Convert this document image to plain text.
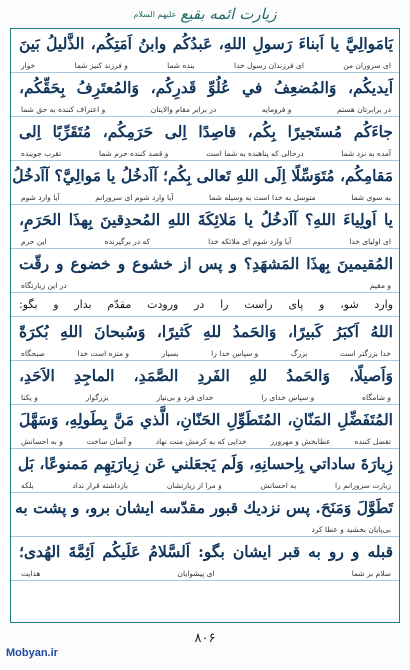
علیهم السلام زیارت ائمه بقیع
يَامَوالِيَّ يا اَبناءَ رَسولِ اللهِ، عَبدُكُم وابنُ اَمَتِكُم، الذَّليلُ بَينَ
ای سروران من
ای فرزندان رسول خدا
بنده شما
و فرزند کنیز شما
خوار
اَيديكُم، وَالمُضعِفُ في عُلُوِّ قَدرِكُم، وَالمُعتَرِفُ بِحَقِّكُم،
در برابرتان هستم
و فرومایه
در برابر مقام والایتان
و اعتراف کننده به حق شما
جاءَكُم مُستَجيرًا بِكُم، قاصِدًا اِلى حَرَمِكُم، مُتَقَرِّبًا اِلى
آمده به نزد شما
درحالی که پناهنده به شما است
و قصد کننده حرم شما
تقرب جوینده
مَقامِكُم، مُتَوَسِّلًا اِلَى اللهِ تَعالى بِكُم؛ آاَدخُلُ يا مَوالِيَّ؟ آاَدخُلُ
به سوی شما
متوسل به خدا است به وسیله شما
آیا وارد شوم ای سرورانم
آیا وارد شوم
يا اَولِياءَ اللهِ؟ آاَدخُلُ يا مَلائِكَةَ اللهِ المُحدِقينَ بِهذَا الحَرَمِ،
ای اولیای خدا
آیا وارد شوم ای ملائکه خدا
که در برگیرنده
این حرم
المُقيمينَ بِهذَا المَشهَدِ؟ و پس از خشوع و خضوع و رقّت
و مقیم
در این زیارتگاه
وارد شو، و پای راست را در ورودت مقدّم بدار و بگو:
اللهُ اَكبَرُ كَبيرًا، وَالحَمدُ للهِ كَثيرًا، وَسُبحانَ اللهِ بُكرَةً
خدا بزرگتر است
بزرگ
و سپاس خدا را
بسیار
و منزه است خدا
صبحگاه
وَاَصيلًا، وَالحَمدُ للهِ الفَردِ الصَّمَدِ، الماجِدِ الاَحَدِ،
و شامگاه
و سپاس خدای را
خدای فرد و بی‌نیاز
بزرگوار
و یکتا
المُتَفَضِّلِ المَنّانِ، المُتَطَوِّلِ الحَنّانِ، الَّذي مَنَّ بِطَولِهِ، وَسَهَّلَ
تفضل کننده
عطابخش و مهرورز
خدایی که به کرمش منت نهاد
و آسان ساخت
و به احسانش
زِيارَةَ ساداتي بِاِحسانِهِ، وَلَم يَجعَلني عَن زِيارَتِهِم مَمنوعًا، بَل
زیارت سرورانم را
به احسانش
و مرا از زیارتشان
بازداشته قرار نداد
بلکه
تَطَوَّلَ وَمَنَحَ. پس نزديك قبور مقدّسه ايشان برو، و پشت به
بی‌پایان بخشید و عطا کرد
قبله و رو به قبر ايشان بگو: اَلسَّلامُ عَلَيكُم اَئِمَّةَ الهُدى؛
سلام بر شما
ای پیشوایان
هدایت
۸۰۶
Mobyan.ir
